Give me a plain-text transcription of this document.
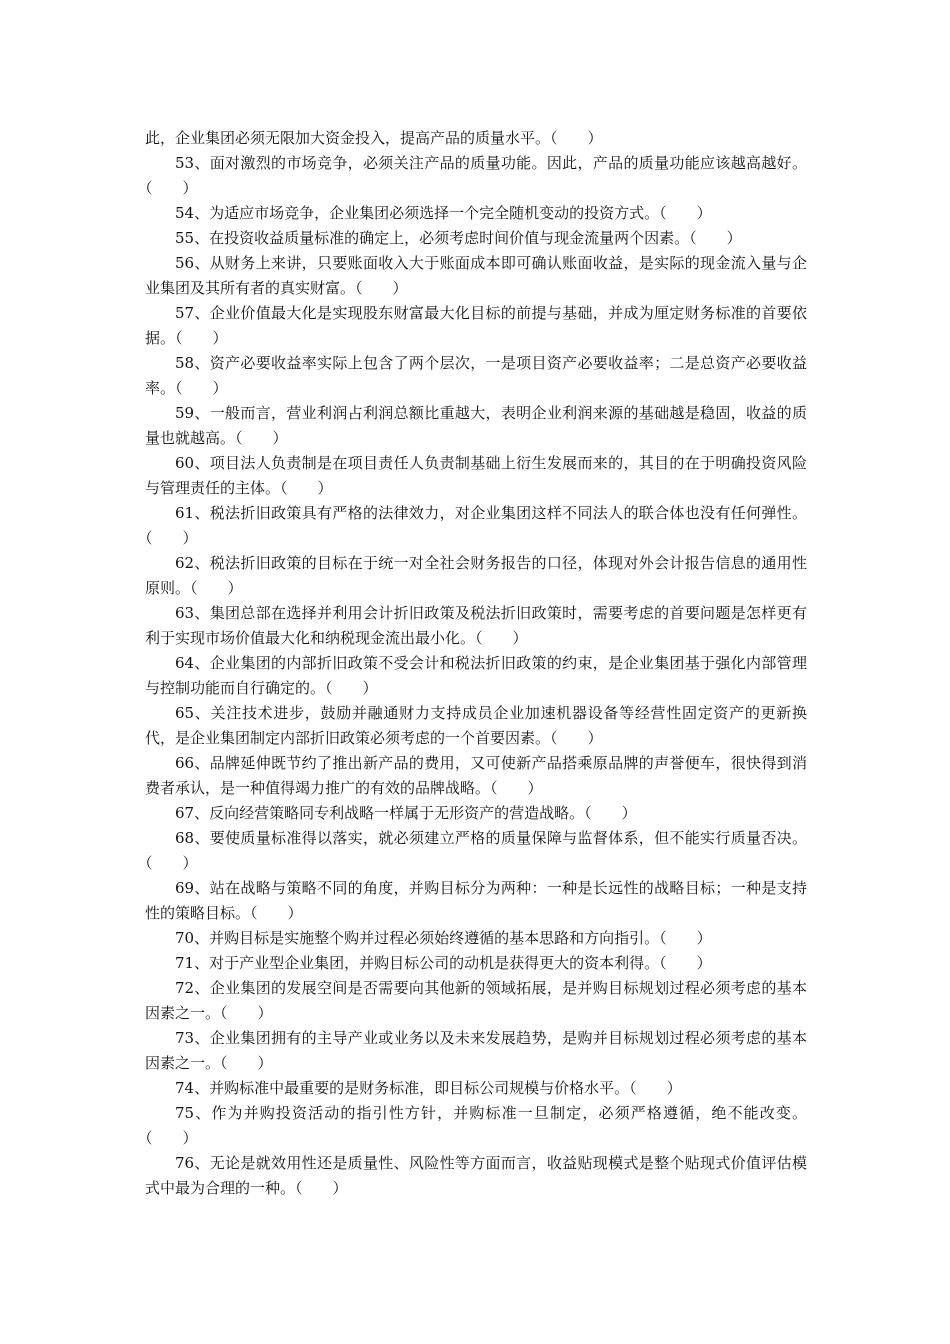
此，企业集团必须无限加大资金投入，提高产品的质量水平。（　　）

53、面对激烈的市场竞争，必须关注产品的质量功能。因此，产品的质量功能应该越高越好。（　　）

54、为适应市场竞争，企业集团必须选择一个完全随机变动的投资方式。（　　）

55、在投资收益质量标准的确定上，必须考虑时间价值与现金流量两个因素。（　　）

56、从财务上来讲，只要账面收入大于账面成本即可确认账面收益，是实际的现金流入量与企业集团及其所有者的真实财富。（　　）

57、企业价值最大化是实现股东财富最大化目标的前提与基础，并成为厘定财务标准的首要依据。（　　）

58、资产必要收益率实际上包含了两个层次，一是项目资产必要收益率；二是总资产必要收益率。（　　）

59、一般而言，营业利润占利润总额比重越大，表明企业利润来源的基础越是稳固，收益的质量也就越高。（　　）

60、项目法人负责制是在项目责任人负责制基础上衍生发展而来的，其目的在于明确投资风险与管理责任的主体。（　　）

61、税法折旧政策具有严格的法律效力，对企业集团这样不同法人的联合体也没有任何弹性。（　　）

62、税法折旧政策的目标在于统一对全社会财务报告的口径，体现对外会计报告信息的通用性原则。（　　）

63、集团总部在选择并利用会计折旧政策及税法折旧政策时，需要考虑的首要问题是怎样更有利于实现市场价值最大化和纳税现金流出最小化。（　　）

64、企业集团的内部折旧政策不受会计和税法折旧政策的约束，是企业集团基于强化内部管理与控制功能而自行确定的。（　　）

65、关注技术进步，鼓励并融通财力支持成员企业加速机器设备等经营性固定资产的更新换代，是企业集团制定内部折旧政策必须考虑的一个首要因素。（　　）

66、品牌延伸既节约了推出新产品的费用，又可使新产品搭乘原品牌的声誉便车，很快得到消费者承认，是一种值得竭力推广的有效的品牌战略。（　　）

67、反向经营策略同专利战略一样属于无形资产的营造战略。（　　）

68、要使质量标准得以落实，就必须建立严格的质量保障与监督体系，但不能实行质量否决。（　　）

69、站在战略与策略不同的角度，并购目标分为两种：一种是长远性的战略目标；一种是支持性的策略目标。（　　）

70、并购目标是实施整个购并过程必须始终遵循的基本思路和方向指引。（　　）

71、对于产业型企业集团，并购目标公司的动机是获得更大的资本利得。（　　）

72、企业集团的发展空间是否需要向其他新的领域拓展，是并购目标规划过程必须考虑的基本因素之一。（　　）

73、企业集团拥有的主导产业或业务以及未来发展趋势，是购并目标规划过程必须考虑的基本因素之一。（　　）

74、并购标准中最重要的是财务标准，即目标公司规模与价格水平。（　　）

75、作为并购投资活动的指引性方针，并购标准一旦制定，必须严格遵循，绝不能改变。（　　）

76、无论是就效用性还是质量性、风险性等方面而言，收益贴现模式是整个贴现式价值评估模式中最为合理的一种。（　　）
